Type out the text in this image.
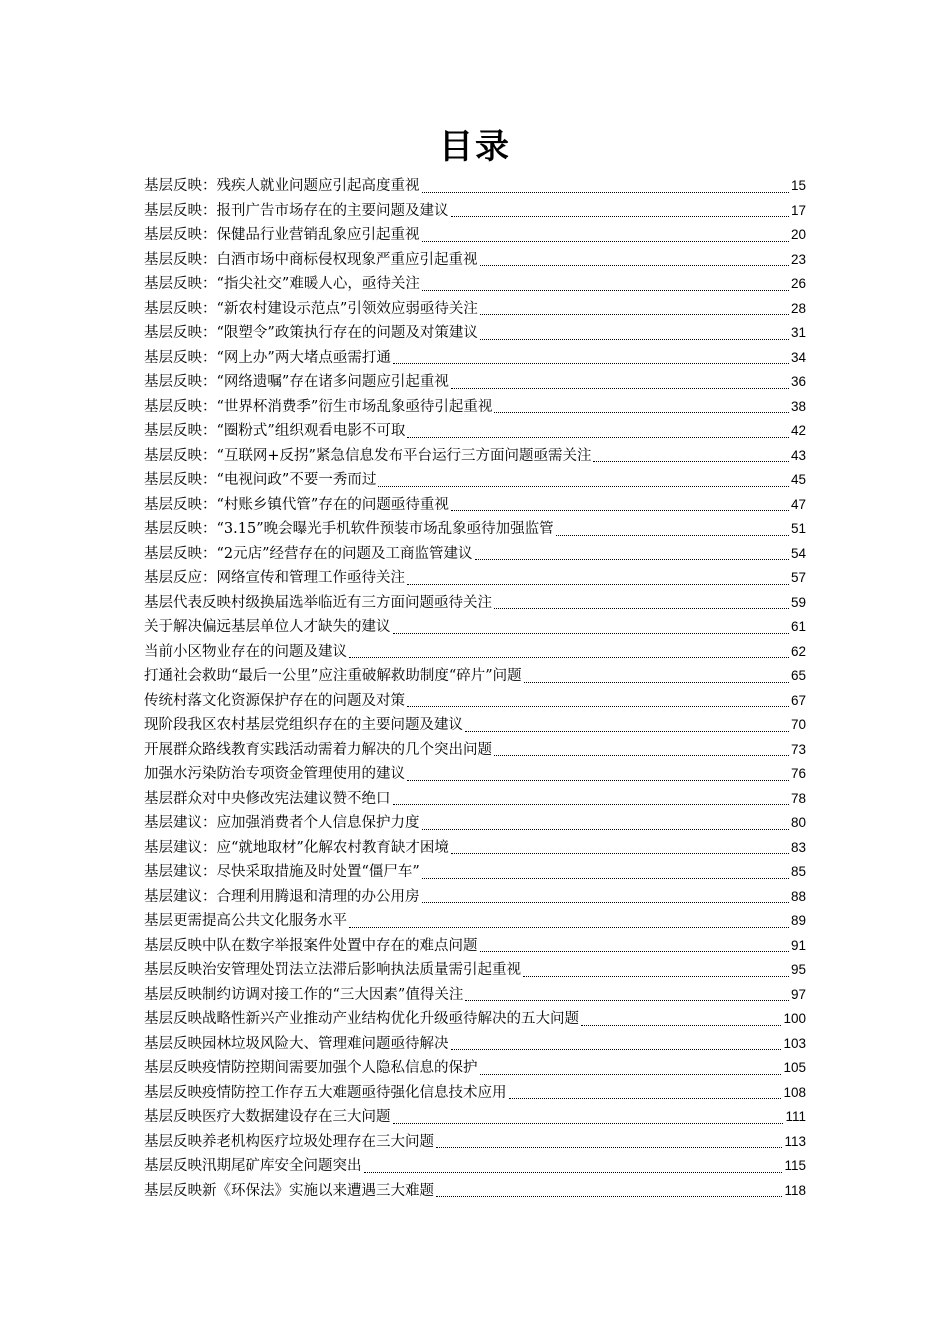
目录
基层反映：残疾人就业问题应引起高度重视	15
基层反映：报刊广告市场存在的主要问题及建议	17
基层反映：保健品行业营销乱象应引起重视	20
基层反映：白酒市场中商标侵权现象严重应引起重视	23
基层反映：“指尖社交”难暖人心，亟待关注	26
基层反映：“新农村建设示范点”引领效应弱亟待关注	28
基层反映：“限塑令”政策执行存在的问题及对策建议	31
基层反映：“网上办”两大堵点亟需打通	34
基层反映：“网络遗嘱”存在诸多问题应引起重视	36
基层反映：“世界杯消费季”衍生市场乱象亟待引起重视	38
基层反映：“圈粉式”组织观看电影不可取	42
基层反映：“互联网+反拐”紧急信息发布平台运行三方面问题亟需关注	43
基层反映：“电视问政”不要一秀而过	45
基层反映：“村账乡镇代管”存在的问题亟待重视	47
基层反映：“3.15”晚会曝光手机软件预装市场乱象亟待加强监管	51
基层反映：“2元店”经营存在的问题及工商监管建议	54
基层反应：网络宣传和管理工作亟待关注	57
基层代表反映村级换届选举临近有三方面问题亟待关注	59
关于解决偏远基层单位人才缺失的建议	61
当前小区物业存在的问题及建议	62
打通社会救助“最后一公里”应注重破解救助制度“碎片”问题	65
传统村落文化资源保护存在的问题及对策	67
现阶段我区农村基层党组织存在的主要问题及建议	70
开展群众路线教育实践活动需着力解决的几个突出问题	73
加强水污染防治专项资金管理使用的建议	76
基层群众对中央修改宪法建议赞不绝口	78
基层建议：应加强消费者个人信息保护力度	80
基层建议：应“就地取材”化解农村教育缺才困境	83
基层建议：尽快采取措施及时处置“僵尸车”	85
基层建议：合理利用腾退和清理的办公用房	88
基层更需提高公共文化服务水平	89
基层反映中队在数字举报案件处置中存在的难点问题	91
基层反映治安管理处罚法立法滞后影响执法质量需引起重视	95
基层反映制约访调对接工作的“三大因素”值得关注	97
基层反映战略性新兴产业推动产业结构优化升级亟待解决的五大问题	100
基层反映园林垃圾风险大、管理难问题亟待解决	103
基层反映疫情防控期间需要加强个人隐私信息的保护	105
基层反映疫情防控工作存五大难题亟待强化信息技术应用	108
基层反映医疗大数据建设存在三大问题	111
基层反映养老机构医疗垃圾处理存在三大问题	113
基层反映汛期尾矿库安全问题突出	115
基层反映新《环保法》实施以来遭遇三大难题	118
